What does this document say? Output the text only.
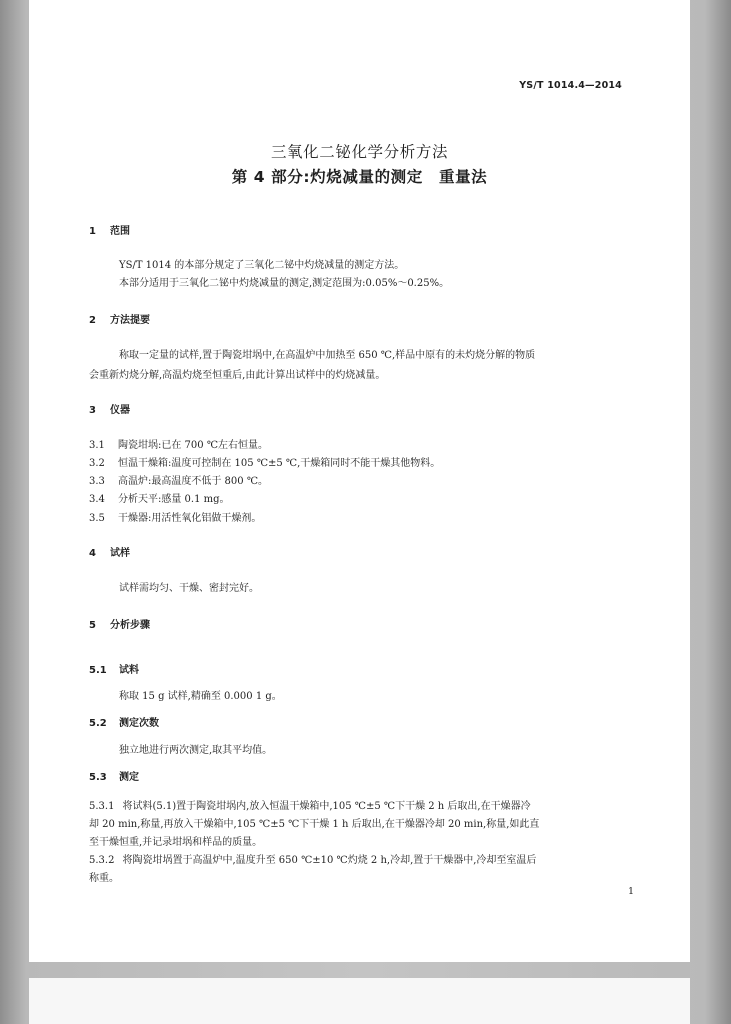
YS/T 1014.4—2014
三氧化二铋化学分析方法
第 4 部分:灼烧减量的测定　重量法
1 范围
YS/T 1014 的本部分规定了三氧化二铋中灼烧减量的测定方法。
本部分适用于三氧化二铋中灼烧减量的测定,测定范围为:0.05%～0.25%。
2 方法提要
称取一定量的试样,置于陶瓷坩埚中,在高温炉中加热至 650 ℃,样品中原有的未灼烧分解的物质
会重新灼烧分解,高温灼烧至恒重后,由此计算出试样中的灼烧减量。
3 仪器
3.1 陶瓷坩埚:已在 700 ℃左右恒量。
3.2 恒温干燥箱:温度可控制在 105 ℃±5 ℃,干燥箱同时不能干燥其他物料。
3.3 高温炉:最高温度不低于 800 ℃。
3.4 分析天平:感量 0.1 mg。
3.5 干燥器:用活性氧化铝做干燥剂。
4 试样
试样需均匀、干燥、密封完好。
5 分析步骤
5.1 试料
称取 15 g 试样,精确至 0.000 1 g。
5.2 测定次数
独立地进行两次测定,取其平均值。
5.3 测定
5.3.1 将试料(5.1)置于陶瓷坩埚内,放入恒温干燥箱中,105 ℃±5 ℃下干燥 2 h 后取出,在干燥器冷
却 20 min,称量,再放入干燥箱中,105 ℃±5 ℃下干燥 1 h 后取出,在干燥器冷却 20 min,称量,如此直
至干燥恒重,并记录坩埚和样品的质量。
5.3.2 将陶瓷坩埚置于高温炉中,温度升至 650 ℃±10 ℃灼烧 2 h,冷却,置于干燥器中,冷却至室温后
称重。
1
